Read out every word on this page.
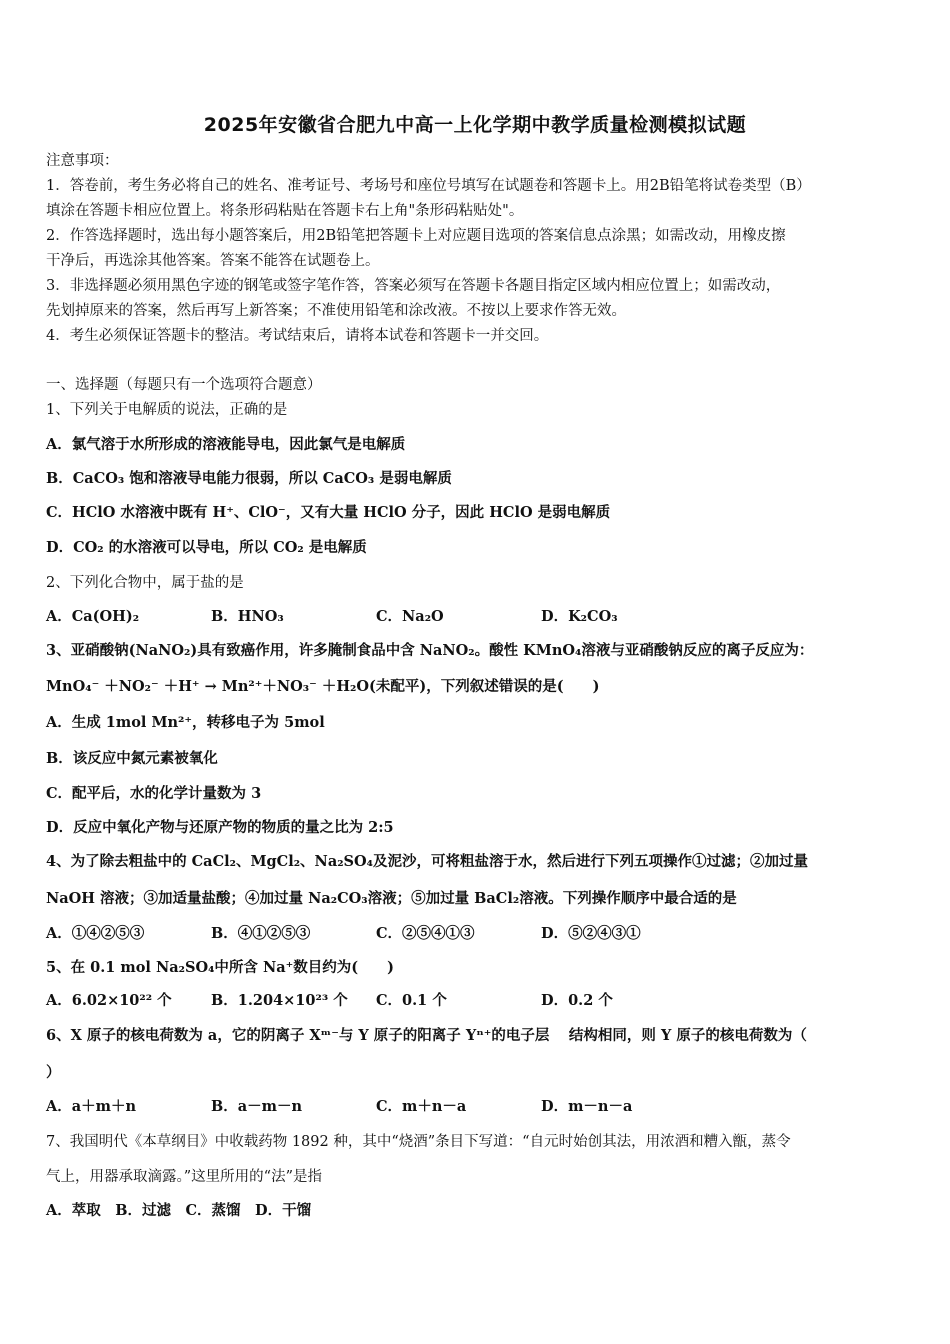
2025年安徽省合肥九中高一上化学期中教学质量检测模拟试题
注意事项：
1．答卷前，考生务必将自己的姓名、准考证号、考场号和座位号填写在试题卷和答题卡上。用2B铅笔将试卷类型（B）
填涂在答题卡相应位置上。将条形码粘贴在答题卡右上角"条形码粘贴处"。
2．作答选择题时，选出每小题答案后，用2B铅笔把答题卡上对应题目选项的答案信息点涂黑；如需改动，用橡皮擦
干净后，再选涂其他答案。答案不能答在试题卷上。
3．非选择题必须用黑色字迹的钢笔或签字笔作答，答案必须写在答题卡各题目指定区域内相应位置上；如需改动，
先划掉原来的答案，然后再写上新答案；不准使用铅笔和涂改液。不按以上要求作答无效。
4．考生必须保证答题卡的整洁。考试结束后，请将本试卷和答题卡一并交回。
一、选择题（每题只有一个选项符合题意）
1、下列关于电解质的说法，正确的是
A．氯气溶于水所形成的溶液能导电，因此氯气是电解质
B．CaCO₃ 饱和溶液导电能力很弱，所以 CaCO₃ 是弱电解质
C．HClO 水溶液中既有 H⁺、ClO⁻，又有大量 HClO 分子，因此 HClO 是弱电解质
D．CO₂ 的水溶液可以导电，所以 CO₂ 是电解质
2、下列化合物中，属于盐的是
A．Ca(OH)₂	B．HNO₃	C．Na₂O	D．K₂CO₃
3、亚硝酸钠(NaNO₂)具有致癌作用，许多腌制食品中含 NaNO₂。酸性 KMnO₄溶液与亚硝酸钠反应的离子反应为：
MnO₄⁻ ＋NO₂⁻ ＋H⁺ → Mn²⁺＋NO₃⁻ ＋H₂O(未配平)，下列叙述错误的是(　　)
A．生成 1mol Mn²⁺，转移电子为 5mol
B．该反应中氮元素被氧化
C．配平后，水的化学计量数为 3
D．反应中氧化产物与还原产物的物质的量之比为 2:5
4、为了除去粗盐中的 CaCl₂、MgCl₂、Na₂SO₄及泥沙，可将粗盐溶于水，然后进行下列五项操作①过滤；②加过量
NaOH 溶液；③加适量盐酸；④加过量 Na₂CO₃溶液；⑤加过量 BaCl₂溶液。下列操作顺序中最合适的是
A．①④②⑤③	B．④①②⑤③	C．②⑤④①③	D．⑤②④③①
5、在 0.1 mol Na₂SO₄中所含 Na⁺数目约为(　　)
A．6.02×10²² 个	B．1.204×10²³ 个 C．0.1 个	D．0.2 个
6、X 原子的核电荷数为 a，它的阴离子 Xᵐ⁻与 Y 原子的阳离子 Yⁿ⁺的电子层　 结构相同，则 Y 原子的核电荷数为（
）
A．a＋m＋n	B．a－m－n	C．m＋n－a	D．m－n－a
7、我国明代《本草纲目》中收载药物 1892 种，其中“烧酒”条目下写道：“自元时始创其法，用浓酒和糟入甑，蒸令
气上，用器承取滴露。”这里所用的“法”是指
A．萃取　B．过滤　C．蒸馏　D．干馏
